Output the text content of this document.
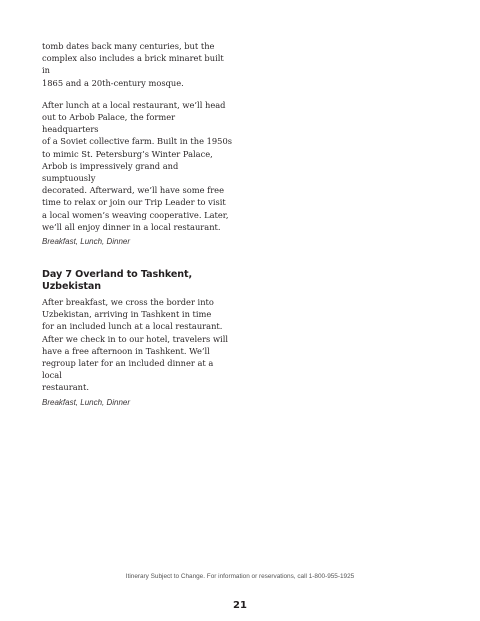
tomb dates back many centuries, but the
complex also includes a brick minaret built in
1865 and a 20th-century mosque.

After lunch at a local restaurant, we’ll head
out to Arbob Palace, the former headquarters
of a Soviet collective farm. Built in the 1950s
to mimic St. Petersburg’s Winter Palace,
Arbob is impressively grand and sumptuously
decorated. Afterward, we’ll have some free
time to relax or join our Trip Leader to visit
a local women’s weaving cooperative. Later,
we’ll all enjoy dinner in a local restaurant.

Breakfast, Lunch, Dinner

Day 7 Overland to Tashkent, Uzbekistan

After breakfast, we cross the border into
Uzbekistan, arriving in Tashkent in time
for an included lunch at a local restaurant.
After we check in to our hotel, travelers will
have a free afternoon in Tashkent. We’ll
regroup later for an included dinner at a local
restaurant.

Breakfast, Lunch, Dinner

Itinerary Subject to Change. For information or reservations, call 1-800-955-1925
21
